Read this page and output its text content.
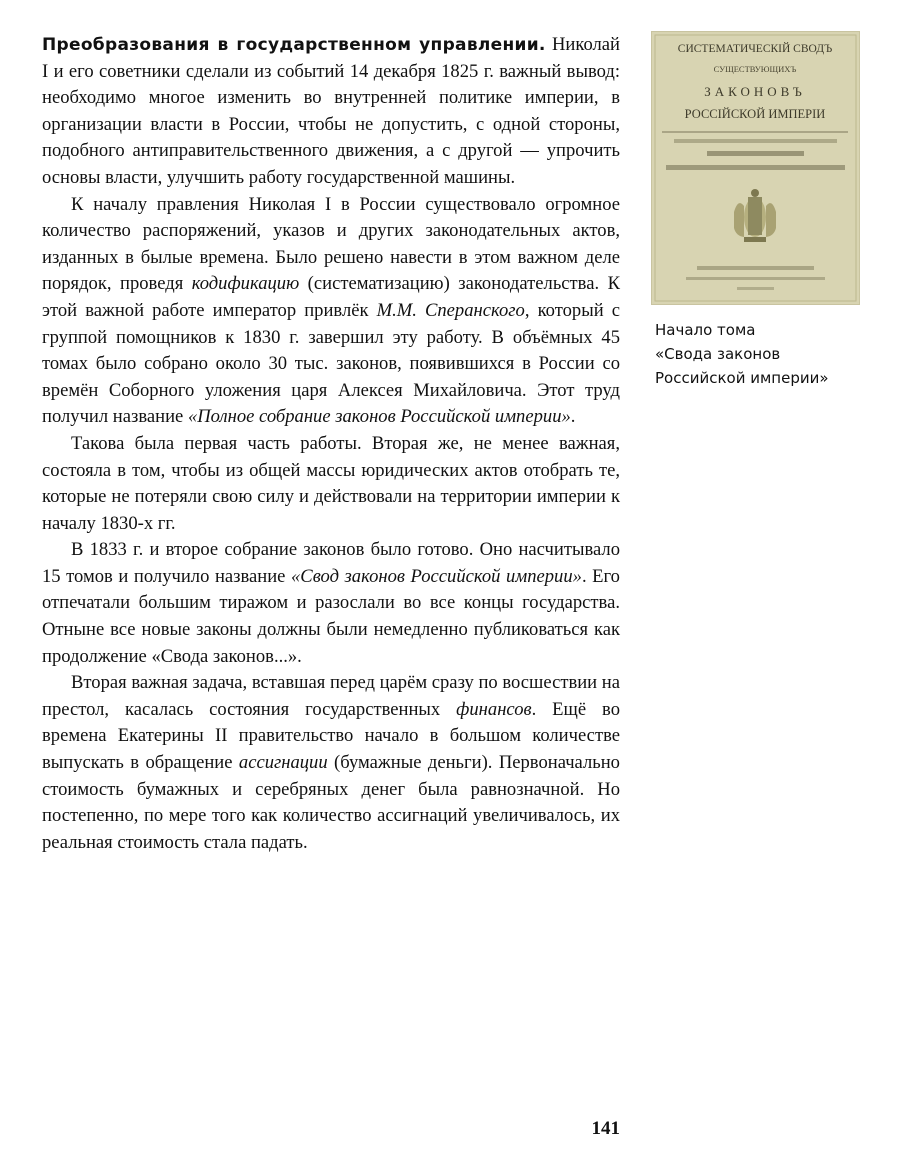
Преобразования в государственном управлении. Николай I и его советники сделали из событий 14 декабря 1825 г. важный вывод: необходимо многое изменить во внутренней политике империи, в организации власти в России, чтобы не допустить, с одной стороны, подобного антиправительственного движения, а с другой — упрочить основы власти, улучшить работу государственной машины.

К началу правления Николая I в России существовало огромное количество распоряжений, указов и других законодательных актов, изданных в былые времена. Было решено навести в этом важном деле порядок, проведя кодификацию (систематизацию) законодательства. К этой важной работе император привлёк М.М. Сперанского, который с группой помощников к 1830 г. завершил эту работу. В объёмных 45 томах было собрано около 30 тыс. законов, появившихся в России со времён Соборного уложения царя Алексея Михайловича. Этот труд получил название «Полное собрание законов Российской империи».

Такова была первая часть работы. Вторая же, не менее важная, состояла в том, чтобы из общей массы юридических актов отобрать те, которые не потеряли свою силу и действовали на территории империи к началу 1830-х гг.

В 1833 г. и второе собрание законов было готово. Оно насчитывало 15 томов и получило название «Свод законов Российской империи». Его отпечатали большим тиражом и разослали во все концы государства. Отныне все новые законы должны были немедленно публиковаться как продолжение «Свода законов...».

Вторая важная задача, вставшая перед царём сразу по восшествии на престол, касалась состояния государственных финансов. Ещё во времена Екатерины II правительство начало в большом количестве выпускать в обращение ассигнации (бумажные деньги). Первоначально стоимость бумажных и серебряных денег была равнозначной. Но постепенно, по мере того как количество ассигнаций увеличивалось, их реальная стоимость стала падать.

СИСТЕМАТИЧЕСКІЙ СВОДЪ
СУЩЕСТВУЮЩИХЪ
ЗАКОНОВЪ
РОССІЙСКОЙ ИМПЕРІИ
Начало тома
«Свода законов
Российской империи»
141
